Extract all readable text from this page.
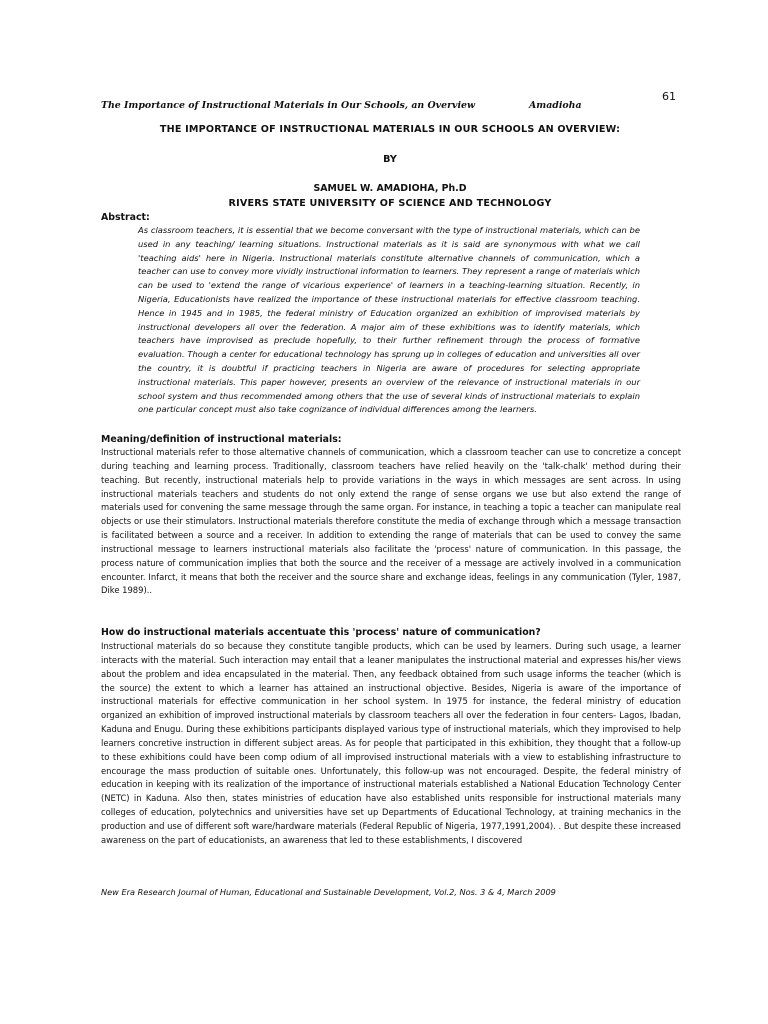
61
The Importance of Instructional Materials in Our Schools, an Overview	Amadioha
THE IMPORTANCE OF INSTRUCTIONAL MATERIALS IN OUR SCHOOLS AN OVERVIEW:
BY
SAMUEL W. AMADIOHA, Ph.D
RIVERS STATE UNIVERSITY OF SCIENCE AND TECHNOLOGY
Abstract:

As classroom teachers, it is essential that we become conversant with the type of instructional materials, which can be used in any teaching/ learning situations. Instructional materials as it is said are synonymous with what we call 'teaching aids' here in Nigeria. Instructional materials constitute alternative channels of communication, which a teacher can use to convey more vividly instructional information to learners. They represent a range of materials which can be used to 'extend the range of vicarious experience' of learners in a teaching-learning situation. Recently, in Nigeria, Educationists have realized the importance of these instructional materials for effective classroom teaching. Hence in 1945 and in 1985, the federal ministry of Education organized an exhibition of improvised materials by instructional developers all over the federation. A major aim of these exhibitions was to identify materials, which teachers have improvised as preclude hopefully, to their further refinement through the process of formative evaluation. Though a center for educational technology has sprung up in colleges of education and universities all over the country, it is doubtful if practicing teachers in Nigeria are aware of procedures for selecting appropriate instructional materials. This paper however, presents an overview of the relevance of instructional materials in our school system and thus recommended among others that the use of several kinds of instructional materials to explain one particular concept must also take cognizance of individual differences among the learners.

Meaning/definition of instructional materials:

Instructional materials refer to those alternative channels of communication, which a classroom teacher can use to concretize a concept during teaching and learning process. Traditionally, classroom teachers have relied heavily on the 'talk-chalk' method during their teaching. But recently, instructional materials help to provide variations in the ways in which messages are sent across. In using instructional materials teachers and students do not only extend the range of sense organs we use but also extend the range of materials used for convening the same message through the same organ. For instance, in teaching a topic a teacher can manipulate real objects or use their stimulators. Instructional materials therefore constitute the media of exchange through which a message transaction is facilitated between a source and a receiver. In addition to extending the range of materials that can be used to convey the same instructional message to learners instructional materials also facilitate the 'process' nature of communication. In this passage, the process nature of communication implies that both the source and the receiver of a message are actively involved in a communication encounter. Infarct, it means that both the receiver and the source share and exchange ideas, feelings in any communication (Tyler, 1987, Dike 1989)..

How do instructional materials accentuate this 'process' nature of communication?

Instructional materials do so because they constitute tangible products, which can be used by learners. During such usage, a learner interacts with the material. Such interaction may entail that a leaner manipulates the instructional material and expresses his/her views about the problem and idea encapsulated in the material. Then, any feedback obtained from such usage informs the teacher (which is the source) the extent to which a learner has attained an instructional objective. Besides, Nigeria is aware of the importance of instructional materials for effective communication in her school system. In 1975 for instance, the federal ministry of education organized an exhibition of improved instructional materials by classroom teachers all over the federation in four centers- Lagos, Ibadan, Kaduna and Enugu. During these exhibitions participants displayed various type of instructional materials, which they improvised to help learners concretive instruction in different subject areas. As for people that participated in this exhibition, they thought that a follow-up to these exhibitions could have been comp odium of all improvised instructional materials with a view to establishing infrastructure to encourage the mass production of suitable ones. Unfortunately, this follow-up was not encouraged. Despite, the federal ministry of education in keeping with its realization of the importance of instructional materials established a National Education Technology Center (NETC) in Kaduna. Also then, states ministries of education have also established units responsible for instructional materials many colleges of education, polytechnics and universities have set up Departments of Educational Technology, at training mechanics in the production and use of different soft ware/hardware materials (Federal Republic of Nigeria, 1977,1991,2004). . But despite these increased awareness on the part of educationists, an awareness that led to these establishments, I discovered

New Era Research Journal of Human, Educational and Sustainable Development, Vol.2, Nos. 3 & 4, March 2009
